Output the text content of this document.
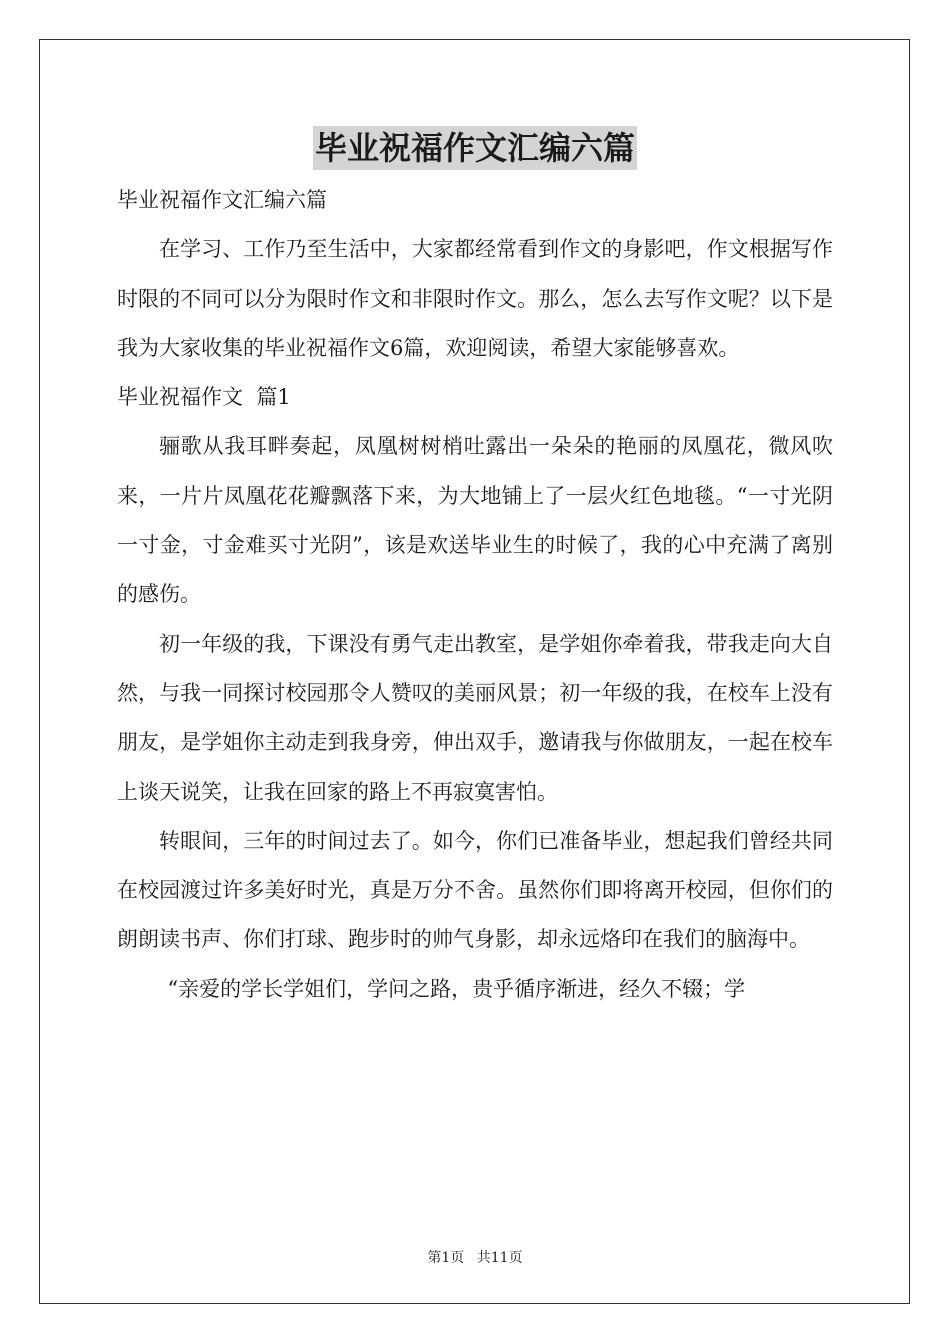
毕业祝福作文汇编六篇

毕业祝福作文汇编六篇

在学习、工作乃至生活中，大家都经常看到作文的身影吧，作文根据写作时限的不同可以分为限时作文和非限时作文。那么，怎么去写作文呢？以下是我为大家收集的毕业祝福作文6篇，欢迎阅读，希望大家能够喜欢。

毕业祝福作文  篇1

骊歌从我耳畔奏起，凤凰树树梢吐露出一朵朵的艳丽的凤凰花，微风吹来，一片片凤凰花花瓣飘落下来，为大地铺上了一层火红色地毯。“一寸光阴一寸金，寸金难买寸光阴”，该是欢送毕业生的时候了，我的心中充满了离别的感伤。

初一年级的我，下课没有勇气走出教室，是学姐你牵着我，带我走向大自然，与我一同探讨校园那令人赞叹的美丽风景；初一年级的我，在校车上没有朋友，是学姐你主动走到我身旁，伸出双手，邀请我与你做朋友，一起在校车上谈天说笑，让我在回家的路上不再寂寞害怕。

转眼间，三年的时间过去了。如今，你们已准备毕业，想起我们曾经共同在校园渡过许多美好时光，真是万分不舍。虽然你们即将离开校园，但你们的朗朗读书声、你们打球、跑步时的帅气身影，却永远烙印在我们的脑海中。

“亲爱的学长学姐们，学问之路，贵乎循序渐进，经久不辍；学

第1页 共11页
